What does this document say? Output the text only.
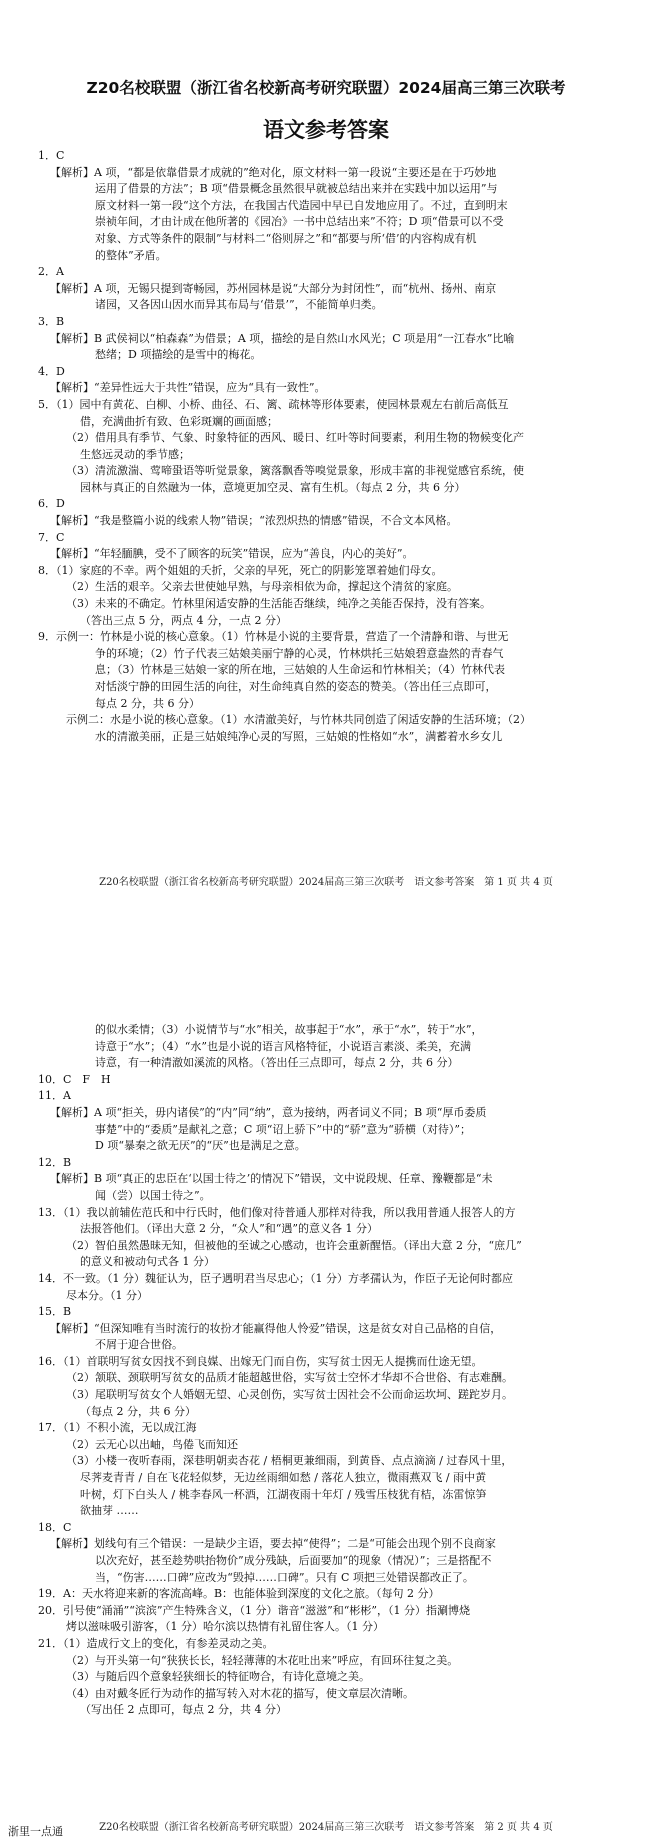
Z20名校联盟（浙江省名校新高考研究联盟）2024届高三第三次联考
语文参考答案
1．C
【解析】A 项，“都是依靠借景才成就的”绝对化，原文材料一第一段说“主要还是在于巧妙地
运用了借景的方法”；B 项“借景概念虽然很早就被总结出来并在实践中加以运用”与
原文材料一第一段“这个方法，在我国古代造园中早已自发地应用了。不过，直到明末
崇祯年间，才由计成在他所著的《园冶》一书中总结出来”不符；D 项“借景可以不受
对象、方式等条件的限制”与材料二“俗则屏之”和“都要与所‘借’的内容构成有机
的整体”矛盾。
2．A
【解析】A 项，无锡只提到寄畅园，苏州园林是说“大部分为封闭性”，而“杭州、扬州、南京
诸园，又各因山因水而异其布局与‘借景’”，不能简单归类。
3．B
【解析】B 武侯祠以“柏森森”为借景；A 项，描绘的是自然山水风光；C 项是用“一江春水”比喻
愁绪；D 项描绘的是雪中的梅花。
4．D
【解析】“差异性远大于共性”错误，应为“具有一致性”。
5．（1）园中有黄花、白柳、小桥、曲径、石、篱、疏林等形体要素，使园林景观左右前后高低互
借，充满曲折有致、色彩斑斓的画面感；
（2）借用具有季节、气象、时象特征的西风、暖日、红叶等时间要素，利用生物的物候变化产
生悠远灵动的季节感；
（3）清流激湍、莺啼蛩语等听觉景象，篱落飘香等嗅觉景象，形成丰富的非视觉感官系统，使
园林与真正的自然融为一体，意境更加空灵、富有生机。（每点 2 分，共 6 分）
6．D
【解析】“我是整篇小说的线索人物”错误；“浓烈炽热的情感”错误，不合文本风格。
7．C
【解析】“年轻腼腆，受不了顾客的玩笑”错误，应为“善良，内心的美好”。
8．（1）家庭的不幸。两个姐姐的夭折，父亲的早死，死亡的阴影笼罩着她们母女。
（2）生活的艰辛。父亲去世使她早熟，与母亲相依为命，撑起这个清贫的家庭。
（3）未来的不确定。竹林里闲适安静的生活能否继续，纯净之美能否保持，没有答案。
（答出三点 5 分，两点 4 分，一点 2 分）
9．示例一：竹林是小说的核心意象。（1）竹林是小说的主要背景，营造了一个清静和谐、与世无
争的环境；（2）竹子代表三姑娘美丽宁静的心灵，竹林烘托三姑娘碧意盎然的青春气
息；（3）竹林是三姑娘一家的所在地，三姑娘的人生命运和竹林相关；（4）竹林代表
对恬淡宁静的田园生活的向往，对生命纯真自然的姿态的赞美。（答出任三点即可，
每点 2 分，共 6 分）
示例二：水是小说的核心意象。（1）水清澈美好，与竹林共同创造了闲适安静的生活环境；（2）
水的清澈美丽，正是三姑娘纯净心灵的写照，三姑娘的性格如“水”，满蓄着水乡女儿
Z20名校联盟（浙江省名校新高考研究联盟）2024届高三第三次联考　语文参考答案　第 1 页 共 4 页
的似水柔情；（3）小说情节与“水”相关，故事起于“水”，承于“水”，转于“水”，
诗意于“水”；（4）“水”也是小说的语言风格特征，小说语言素淡、柔美，充满
诗意，有一种清澈如溪流的风格。（答出任三点即可，每点 2 分，共 6 分）
10．C　F　H
11．A
【解析】A 项“拒关，毋内诸侯”的“内”同“纳”，意为接纳，两者词义不同；B 项“厚币委质
事楚”中的“委质”是献礼之意；C 项“诏上骄下”中的“骄”意为“骄横（对待）”；
D 项“暴秦之欲无厌”的“厌”也是满足之意。
12．B
【解析】B 项“真正的忠臣在‘以国士待之’的情况下”错误，文中说段规、任章、豫鞭都是“未
闻（尝）以国士待之”。
13．（1）我以前辅佐范氏和中行氏时，他们像对待普通人那样对待我，所以我用普通人报答人的方
法报答他们。（译出大意 2 分，“众人”和“遇”的意义各 1 分）
（2）智伯虽然愚昧无知，但被他的至诚之心感动，也许会重新醒悟。（译出大意 2 分，“庶几”
的意义和被动句式各 1 分）
14．不一致。（1 分）魏征认为，臣子遇明君当尽忠心；（1 分）方孝孺认为，作臣子无论何时都应
尽本分。（1 分）
15．B
【解析】“但深知唯有当时流行的妆扮才能赢得他人怜爱”错误，这是贫女对自己品格的自信，
不屑于迎合世俗。
16．（1）首联明写贫女因找不到良媒、出嫁无门而自伤，实写贫士因无人提携而仕途无望。
（2）颔联、颈联明写贫女的品质才能超越世俗，实写贫士空怀才华却不合世俗、有志难酬。
（3）尾联明写贫女个人婚姻无望、心灵创伤，实写贫士因社会不公而命运坎坷、蹉跎岁月。
（每点 2 分，共 6 分）
17．（1）不积小流，无以成江海
（2）云无心以出岫，鸟倦飞而知还
（3）小楼一夜听春雨，深巷明朝卖杏花 / 梧桐更兼细雨，到黄昏、点点滴滴 / 过春风十里，
尽荠麦青青 / 自在飞花轻似梦，无边丝雨细如愁 / 落花人独立，微雨燕双飞 / 雨中黄
叶树，灯下白头人 / 桃李春风一杯酒，江湖夜雨十年灯 / 残雪压枝犹有桔，冻雷惊笋
欲抽芽 ……
18．C
【解析】划线句有三个错误：一是缺少主语，要去掉“使得”；二是“可能会出现个别不良商家
以次充好，甚至趁势哄抬物价”成分残缺，后面要加“的现象（情况）”；三是搭配不
当，“伤害……口碑”应改为“毁掉……口碑”。只有 C 项把三处错误都改正了。
19．A：天水将迎来新的客流高峰。B：也能体验到深度的文化之旅。（每句 2 分）
20．引号使“涌涌”“滨滨”产生特殊含义，（1 分）谐音“滋滋”和“彬彬”，（1 分）指涮博烧
烤以滋味吸引游客，（1 分）哈尔滨以热情有礼留住客人。（1 分）
21．（1）造成行文上的变化，有参差灵动之美。
（2）与开头第一句“狭狭长长，轻轻薄薄的木花吐出来”呼应，有回环往复之美。
（3）与随后四个意象轻狭细长的特征吻合，有诗化意境之美。
（4）由对戴冬匠行为动作的描写转入对木花的描写，使文章层次清晰。
（写出任 2 点即可，每点 2 分，共 4 分）
Z20名校联盟（浙江省名校新高考研究联盟）2024届高三第三次联考　语文参考答案　第 2 页 共 4 页
浙里一点通
